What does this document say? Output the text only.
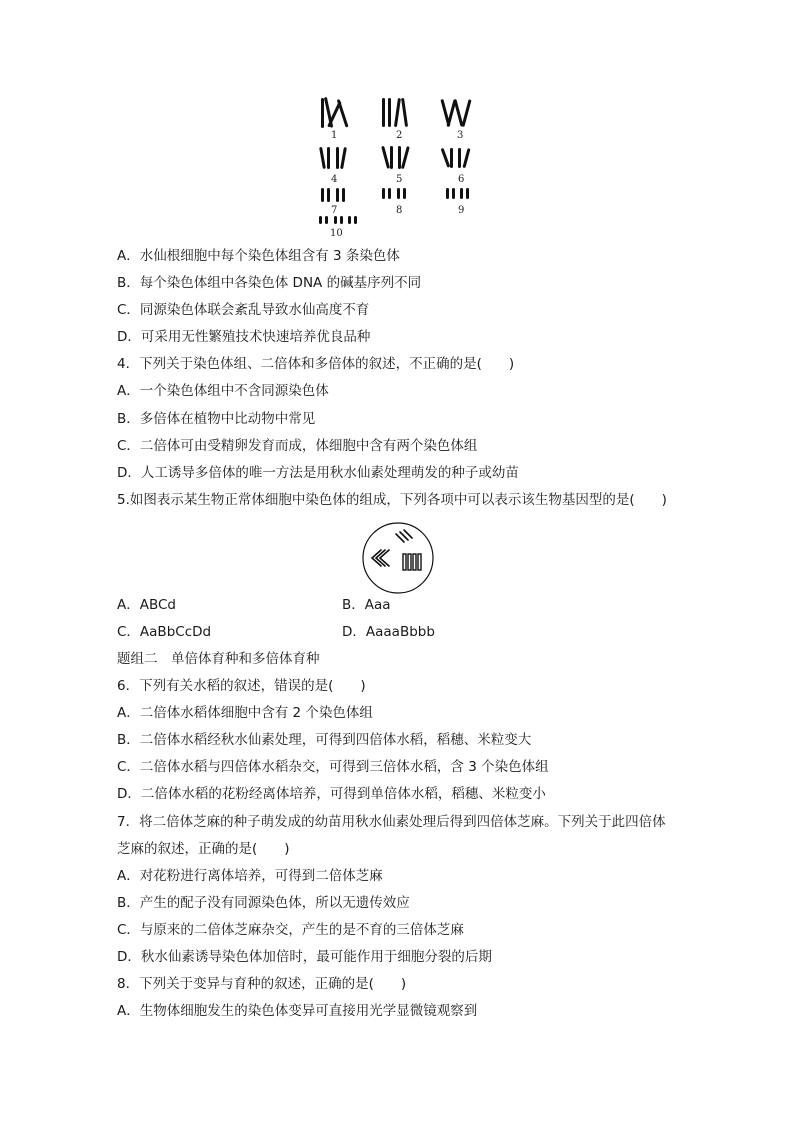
1	2	3
4	5	6
7	8	9
10
A．水仙根细胞中每个染色体组含有 3 条染色体
B．每个染色体组中各染色体 DNA 的碱基序列不同
C．同源染色体联会紊乱导致水仙高度不育
D．可采用无性繁殖技术快速培养优良品种
4．下列关于染色体组、二倍体和多倍体的叙述，不正确的是(　　)
A．一个染色体组中不含同源染色体
B．多倍体在植物中比动物中常见
C．二倍体可由受精卵发育而成，体细胞中含有两个染色体组
D．人工诱导多倍体的唯一方法是用秋水仙素处理萌发的种子或幼苗
5.如图表示某生物正常体细胞中染色体的组成，下列各项中可以表示该生物基因型的是(　　)
A．ABCd	B．Aaa
C．AaBbCcDd	D．AaaaBbbb
题组二　单倍体育种和多倍体育种
6．下列有关水稻的叙述，错误的是(　　)
A．二倍体水稻体细胞中含有 2 个染色体组
B．二倍体水稻经秋水仙素处理，可得到四倍体水稻，稻穗、米粒变大
C．二倍体水稻与四倍体水稻杂交，可得到三倍体水稻，含 3 个染色体组
D．二倍体水稻的花粉经离体培养，可得到单倍体水稻，稻穗、米粒变小
7．将二倍体芝麻的种子萌发成的幼苗用秋水仙素处理后得到四倍体芝麻。下列关于此四倍体
芝麻的叙述，正确的是(　　)
A．对花粉进行离体培养，可得到二倍体芝麻
B．产生的配子没有同源染色体，所以无遗传效应
C．与原来的二倍体芝麻杂交，产生的是不育的三倍体芝麻
D．秋水仙素诱导染色体加倍时，最可能作用于细胞分裂的后期
8．下列关于变异与育种的叙述，正确的是(　　)
A．生物体细胞发生的染色体变异可直接用光学显微镜观察到
